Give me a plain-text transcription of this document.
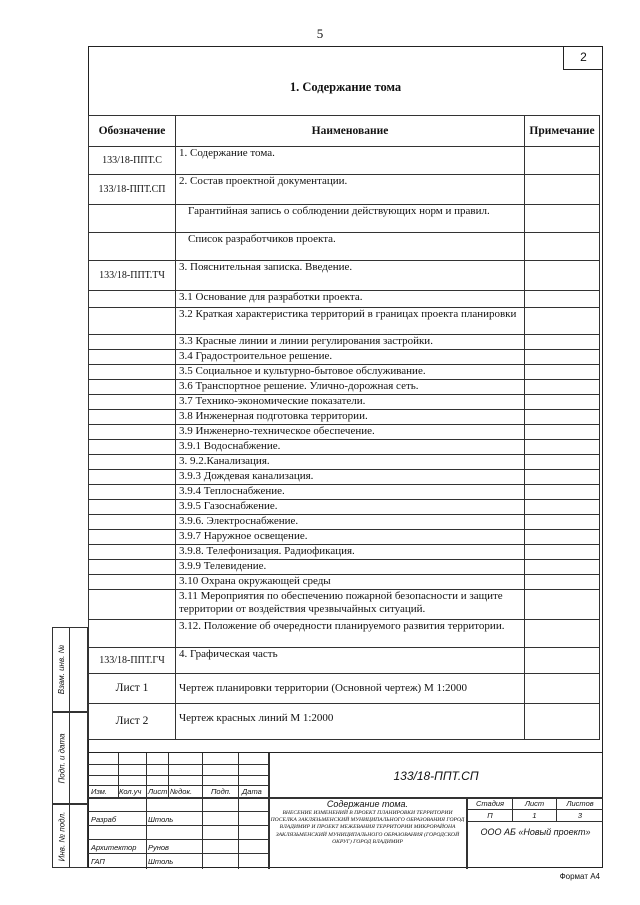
5
2
1. Содержание тома
Обозначение	Наименование	Примечание
133/18-ППТ.С	1. Содержание тома.	
133/18-ППТ.СП	2. Состав проектной документации.	
	Гарантийная запись о соблюдении действующих норм и правил.	
	Список разработчиков проекта.	
133/18-ППТ.ТЧ	3. Пояснительная записка. Введение.	
	3.1 Основание для разработки проекта.	
	3.2 Краткая характеристика территорий в границах проекта планировки	
	3.3 Красные линии и линии регулирования застройки.	
	3.4 Градостроительное решение.	
	3.5 Социальное и культурно-бытовое обслуживание.	
	3.6 Транспортное решение. Улично-дорожная сеть.	
	3.7 Технико-экономические показатели.	
	3.8 Инженерная подготовка территории.	
	3.9 Инженерно-техническое обеспечение.	
	3.9.1 Водоснабжение.	
	3. 9.2.Канализация.	
	3.9.3 Дождевая канализация.	
	3.9.4 Теплоснабжение.	
	3.9.5 Газоснабжение.	
	3.9.6. Электроснабжение.	
	3.9.7 Наружное освещение.	
	3.9.8. Телефонизация. Радиофикация.	
	3.9.9 Телевидение.	
	3.10 Охрана окружающей среды	
	3.11 Мероприятия по обеспечению пожарной безопасности и защите территории от воздействия чрезвычайных ситуаций.	
	3.12. Положение об очередности планируемого развития территории.	
133/18-ППТ.ГЧ	4. Графическая часть	
Лист 1	Чертеж планировки территории (Основной чертеж) М 1:2000	
Лист 2	Чертеж красных линий М 1:2000	
Взам. инв. №
Подп. и дата
Инв. № подл.
Изм. Кол.уч Лист №док.	Подп. Дата
Разраб	Штоль
Архитектор Рунов
ГАП	Штоль
133/18-ППТ.СП
Содержание тома.
ВНЕСЕНИЕ ИЗМЕНЕНИЙ В ПРОЕКТ ПЛАНИРОВКИ ТЕРРИТОРИИ ПОСЕЛКА ЗАКЛЯЗЬМЕНСКИЙ МУНИЦИПАЛЬНОГО ОБРАЗОВАНИЯ ГОРОД ВЛАДИМИР И ПРОЕКТ МЕЖЕВАНИЯ ТЕРРИТОРИИ МИКРОРАЙОНА ЗАКЛЯЗЬМЕНСКИЙ МУНИЦИПАЛЬНОГО ОБРАЗОВАНИЯ (ГОРОДСКОЙ ОКРУГ) ГОРОД ВЛАДИМИР
Стадия	Лист	Листов
П	1	3
ООО АБ «Новый проект»
Формат А4
